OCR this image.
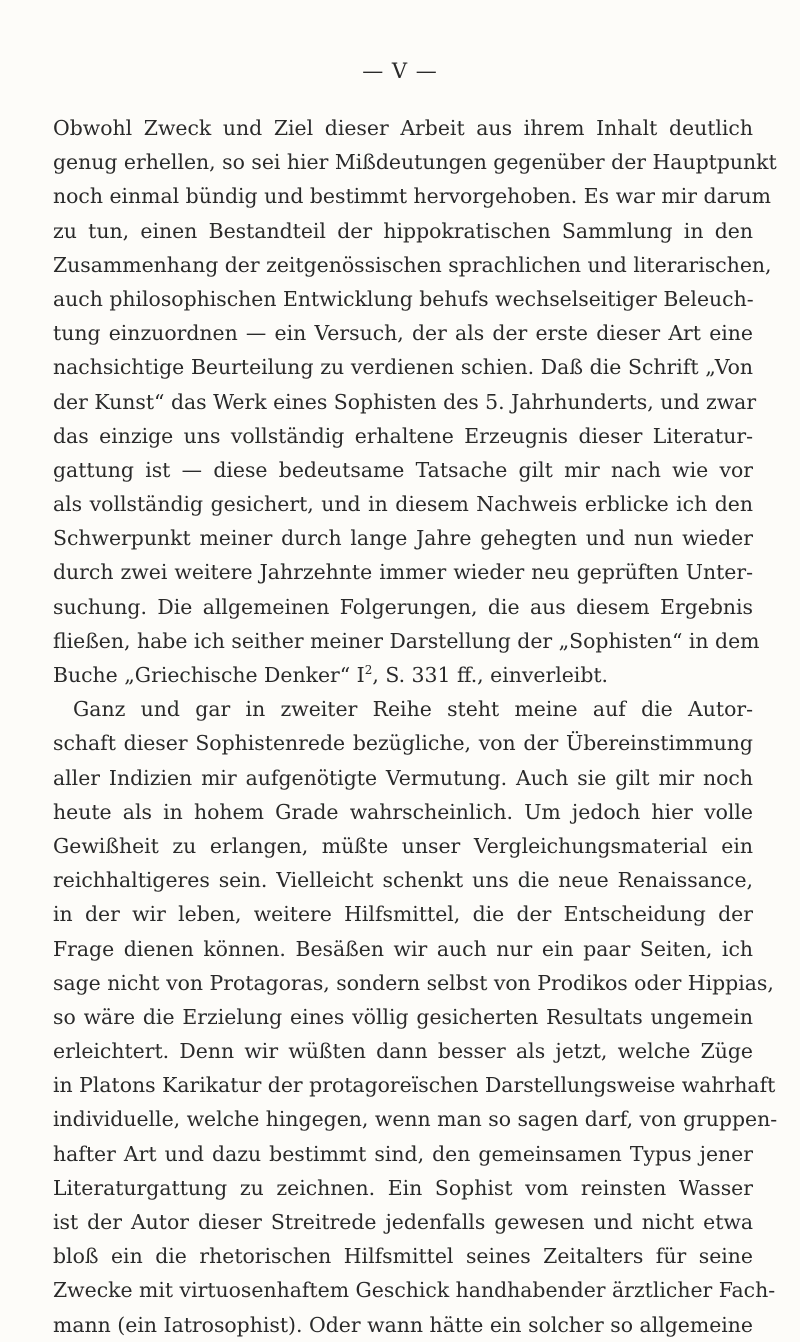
— V —
Obwohl Zweck und Ziel dieser Arbeit aus ihrem Inhalt deutlich
genug erhellen, so sei hier Mißdeutungen gegenüber der Hauptpunkt
noch einmal bündig und bestimmt hervorgehoben. Es war mir darum
zu tun, einen Bestandteil der hippokratischen Sammlung in den
Zusammenhang der zeitgenössischen sprachlichen und literarischen,
auch philosophischen Entwicklung behufs wechselseitiger Beleuch-
tung einzuordnen — ein Versuch, der als der erste dieser Art eine
nachsichtige Beurteilung zu verdienen schien. Daß die Schrift „Von
der Kunst“ das Werk eines Sophisten des 5. Jahrhunderts, und zwar
das einzige uns vollständig erhaltene Erzeugnis dieser Literatur-
gattung ist — diese bedeutsame Tatsache gilt mir nach wie vor
als vollständig gesichert, und in diesem Nachweis erblicke ich den
Schwerpunkt meiner durch lange Jahre gehegten und nun wieder
durch zwei weitere Jahrzehnte immer wieder neu geprüften Unter-
suchung. Die allgemeinen Folgerungen, die aus diesem Ergebnis
fließen, habe ich seither meiner Darstellung der „Sophisten“ in dem
Buche „Griechische Denker“ $I^2$, S. 331 ff., einverleibt.
Ganz und gar in zweiter Reihe steht meine auf die Autor-
schaft dieser Sophistenrede bezügliche, von der Übereinstimmung
aller Indizien mir aufgenötigte Vermutung. Auch sie gilt mir noch
heute als in hohem Grade wahrscheinlich. Um jedoch hier volle
Gewißheit zu erlangen, müßte unser Vergleichungsmaterial ein
reichhaltigeres sein. Vielleicht schenkt uns die neue Renaissance,
in der wir leben, weitere Hilfsmittel, die der Entscheidung der
Frage dienen können. Besäßen wir auch nur ein paar Seiten, ich
sage nicht von Protagoras, sondern selbst von Prodikos oder Hippias,
so wäre die Erzielung eines völlig gesicherten Resultats ungemein
erleichtert. Denn wir wüßten dann besser als jetzt, welche Züge
in Platons Karikatur der protagoreïschen Darstellungsweise wahrhaft
individuelle, welche hingegen, wenn man so sagen darf, von gruppen-
hafter Art und dazu bestimmt sind, den gemeinsamen Typus jener
Literaturgattung zu zeichnen. Ein Sophist vom reinsten Wasser
ist der Autor dieser Streitrede jedenfalls gewesen und nicht etwa
bloß ein die rhetorischen Hilfsmittel seines Zeitalters für seine
Zwecke mit virtuosenhaftem Geschick handhabender ärztlicher Fach-
mann (ein Iatrosophist). Oder wann hätte ein solcher so allgemeine
